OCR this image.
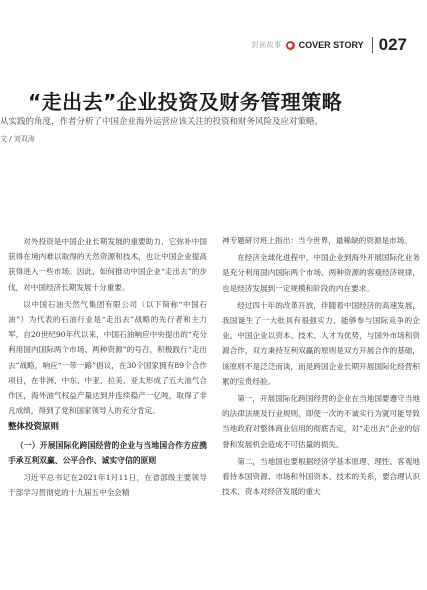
封面故事 ● COVER STORY 027
“走出去”企业投资及财务管理策略
从实践的角度，作者分析了中国企业海外运营应该关注的投资和财务风险及应对策略。
文 / 刘双涛

对外投资是中国企业长期发展的重要助力，它弥补中国获得在境内难以取得的天然资源和技术，也让中国企业提高获得进入一些市场。因此，如何推动中国企业“走出去”的步伐，对中国经济长期发展十分重要。

以中国石油天然气集团有限公司（以下简称“中国石油”）为代表的石油行业是“走出去”战略的先行者和主力军。自20世纪90年代以来，中国石油响应中央提出的“充分利用国内国际两个市场、两种资源”的号召，积极践行“走出去”战略，响应“一带一路”倡议，在30个国家拥有89个合作项目，在非洲、中东、中亚、拉美、亚太形成了五大油气合作区，海外油气权益产量达到并连续稳产一亿吨，取得了非凡成绩，得到了党和国家领导人的充分肯定。

整体投资原则

（一）开展国际化跨国经营的企业与当地国合作方应携手承互利双赢、公平合作、诚实守信的原则

习近平总书记在2021年1月11日，在省部级主要领导干部学习贯彻党的十九届五中全会精

神专题研讨班上指出：当今世界，最稀缺的资源是市场。

在经济全球化进程中，中国企业到海外开展国际化业务是充分利用国内国际两个市场、两种资源的客观经济规律，也是经济发展到一定规模和阶段的内在要求。

经过四十年的改革开放，伴随着中国经济的高速发展，我国诞生了一大批具有很强实力、能够参与国际竞争的企业。中国企业以资本、技术、人才为优势，与国外市场和资源合作，双方秉持互利双赢的原则是双方开展合作的基础，该原则不是泛泛而谈，而是跨国企业长期开展国际化经营积累的宝贵经验。

第一，开展国际化跨国经营的企业在当地国要遵守当地的法律法规及行业规则，即使一次的不诚实行为就可能导致当地政府对整体商业信用的彻底否定，对“走出去”企业的信誉和发展机会造成不可估量的损失。

第二，当地国也要根据经济学基本原理、理性、客观地看待本国资源、市场和外国资本、技术的关系，要合理认识技术、资本对经济发展的重大
